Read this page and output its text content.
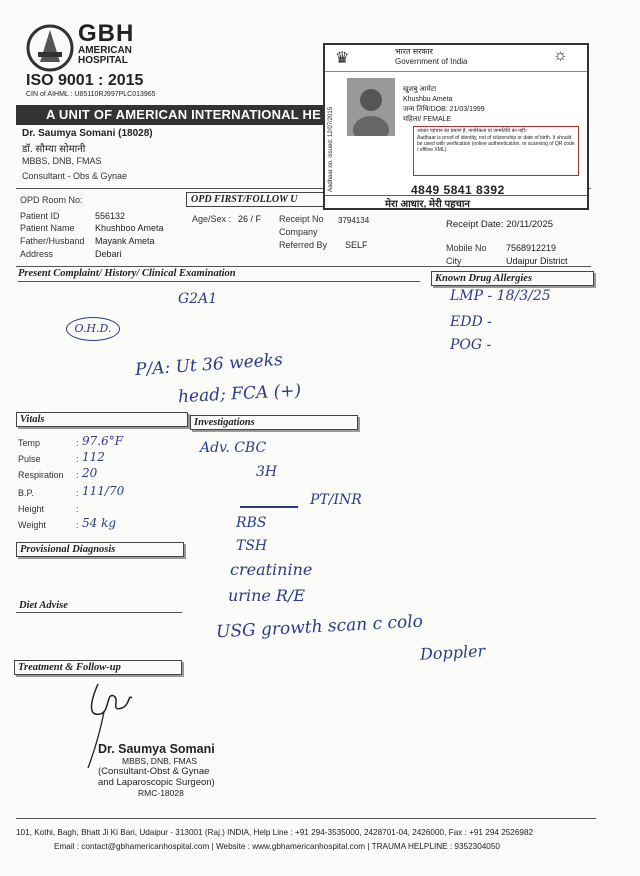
GBH
AMERICAN HOSPITAL
ISO 9001 : 2015
CIN of AIHML : U85110RJ997PLC013965
A UNIT OF AMERICAN INTERNATIONAL HE
Dr. Saumya Somani (18028)
डॉ. सौम्या सोमानी
MBBS, DNB, FMAS
Consultant - Obs & Gynae
OPD Room No:	OPD FIRST/FOLLOW U
Patient ID	556132
Patient Name Khushboo Ameta
Father/Husband Mayank Ameta
Address	Debari
Age/Sex : 26 / F Receipt No 3794134
Company
Referred By SELF
Receipt Date: 20/11/2025
Mobile No 7568912219
City	Udaipur District
♛	भारत सरकार
Government of India	☼
Aadhaar no. issued: 12/07/2015
खुशबु आमेटा
Khushbu Ameta
जन्म तिथि/DOB: 21/03/1999
महिला/ FEMALE
आधार पहचान का प्रमाण है, नागरिकता या जन्मतिथि का नहीं।
Aadhaar is proof of identity, not of citizenship or date of birth. It should be used with verification (online authentication, or scanning of QR code / offline XML).
4849 5841 8392
मेरा आधार, मेरी पहचान
Present Complaint/ History/ Clinical Examination	Known Drug Allergies
G2A1
O.H.D.
LMP - 18/3/25
EDD -
POG -
P/A: Ut 36 weeks
head; FCA (+)
Vitals
Temp	: 97.6°F
Pulse	: 112
Respiration : 20
B.P.	: 111/70
Height	:
Weight	: 54 kg
Investigations
Adv. CBC
3H
PT/INR
RBS
TSH
creatinine
urine R/E
USG growth scan c colo
Doppler
Provisional Diagnosis
Diet Advise
Treatment & Follow-up
Dr. Saumya Somani
MBBS, DNB, FMAS
(Consultant-Obst & Gynae
and Laparoscopic Surgeon)
RMC-18028
101, Kothi, Bagh, Bhatt Ji Ki Bari, Udaipur - 313001 (Raj.) INDIA, Help Line : +91 294-3535000, 2428701-04, 2426000, Fax : +91 294 2526982
Email : contact@gbhamericanhospital.com | Website : www.gbhamericanhospital.com | TRAUMA HELPLINE : 9352304050
